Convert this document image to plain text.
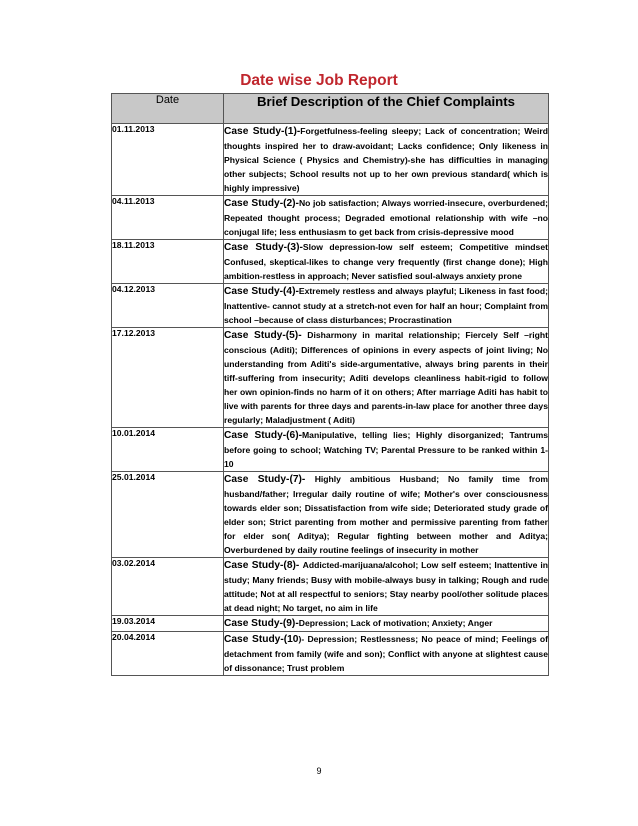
Date wise Job Report
Date	Brief Description of the Chief Complaints
01.11.2013	Case Study-(1)-Forgetfulness-feeling sleepy; Lack of concentration; Weird thoughts inspired her to draw-avoidant; Lacks confidence; Only likeness in Physical Science ( Physics and Chemistry)-she has difficulties in managing other subjects; School results not up to her own previous standard( which is highly impressive)
04.11.2013	Case Study-(2)-No job satisfaction; Always worried-insecure, overburdened; Repeated thought process; Degraded emotional relationship with wife –no conjugal life; less enthusiasm to get back from crisis-depressive mood
18.11.2013	Case Study-(3)-Slow depression-low self esteem; Competitive mindset Confused, skeptical-likes to change very frequently (first change done); High ambition-restless in approach; Never satisfied soul-always anxiety prone
04.12.2013	Case Study-(4)-Extremely restless and always playful; Likeness in fast food; Inattentive- cannot study at a stretch-not even for half an hour; Complaint from school –because of class disturbances; Procrastination
17.12.2013	Case Study-(5)- Disharmony in marital relationship; Fiercely Self –right conscious (Aditi); Differences of opinions in every aspects of joint living; No understanding from Aditi's side-argumentative, always bring parents in their tiff-suffering from insecurity; Aditi develops cleanliness habit-rigid to follow her own opinion-finds no harm of it on others; After marriage Aditi has habit to live with parents for three days and parents-in-law place for another three days regularly; Maladjustment ( Aditi)
10.01.2014	Case Study-(6)-Manipulative, telling lies; Highly disorganized; Tantrums before going to school; Watching TV; Parental Pressure to be ranked within 1-10
25.01.2014	Case Study-(7)- Highly ambitious Husband; No family time from husband/father; Irregular daily routine of wife; Mother's over consciousness towards elder son; Dissatisfaction from wife side; Deteriorated study grade of elder son; Strict parenting from mother and permissive parenting from father for elder son( Aditya); Regular fighting between mother and Aditya; Overburdened by daily routine feelings of insecurity in mother
03.02.2014	Case Study-(8)- Addicted-marijuana/alcohol; Low self esteem; Inattentive in study; Many friends; Busy with mobile-always busy in talking; Rough and rude attitude; Not at all respectful to seniors; Stay nearby pool/other solitude places at dead night; No target, no aim in life
19.03.2014	Case Study-(9)-Depression; Lack of motivation; Anxiety; Anger
20.04.2014	Case Study-(10)- Depression; Restlessness; No peace of mind; Feelings of detachment from family (wife and son); Conflict with anyone at slightest cause of dissonance; Trust problem
9
